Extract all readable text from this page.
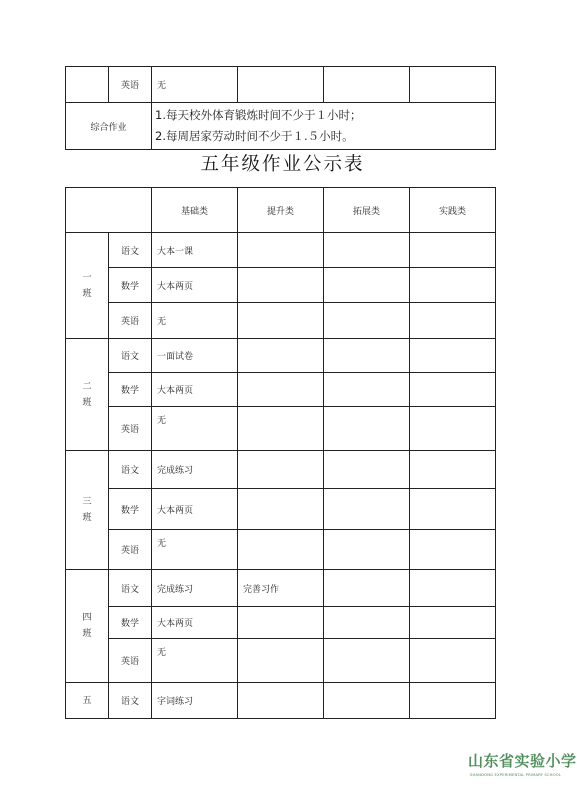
	英语	无			
综合作业		1.每天校外体育锻炼时间不少于１小时；
2.每周居家劳动时间不少于１.５小时。			
五年级作业公示表
		基础类	提升类	拓展类	实践类
一
班	语文	大本一课			
	数学	大本两页			
	英语	无			
二
班	语文	一面试卷			
	数学	大本两页			
	英语	无			
三
班	语文	完成练习			
	数学	大本两页			
	英语	无			
四
班	语文	完成练习	完善习作		
	数学	大本两页			
	英语	无			
五	语文	字词练习			
山东省实验小学
SHANDONG EXPERIMENTAL PRIMARY SCHOOL
